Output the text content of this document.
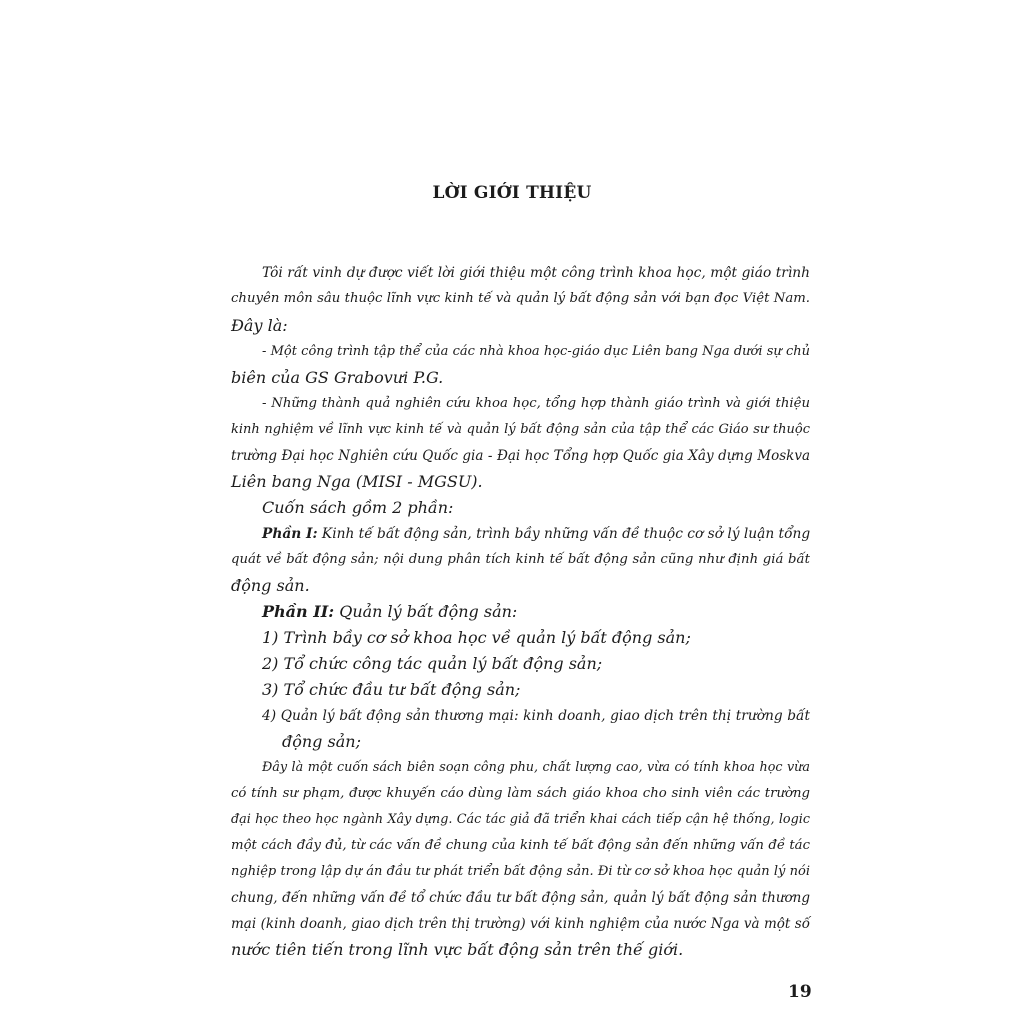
LỜI GIỚI THIỆU
Tôi rất vinh dự được viết lời giới thiệu một công trình khoa học, một giáo trình
chuyên môn sâu thuộc lĩnh vực kinh tế và quản lý bất động sản với bạn đọc Việt Nam.
Đây là:
- Một công trình tập thể của các nhà khoa học-giáo dục Liên bang Nga dưới sự chủ
biên của GS Grabovưi P.G.
- Những thành quả nghiên cứu khoa học, tổng hợp thành giáo trình và giới thiệu
kinh nghiệm về lĩnh vực kinh tế và quản lý bất động sản của tập thể các Giáo sư thuộc
trường Đại học Nghiên cứu Quốc gia - Đại học Tổng hợp Quốc gia Xây dựng Moskva
Liên bang Nga (MISI - MGSU).
Cuốn sách gồm 2 phần:
Phần I: Kinh tế bất động sản, trình bầy những vấn đề thuộc cơ sở lý luận tổng
quát về bất động sản; nội dung phân tích kinh tế bất động sản cũng như định giá bất
động sản.
Phần II: Quản lý bất động sản:
1) Trình bầy cơ sở khoa học về quản lý bất động sản;
2) Tổ chức công tác quản lý bất động sản;
3) Tổ chức đầu tư bất động sản;
4) Quản lý bất động sản thương mại: kinh doanh, giao dịch trên thị trường bất
động sản;
Đây là một cuốn sách biên soạn công phu, chất lượng cao, vừa có tính khoa học vừa
có tính sư phạm, được khuyến cáo dùng làm sách giáo khoa cho sinh viên các trường
đại học theo học ngành Xây dựng. Các tác giả đã triển khai cách tiếp cận hệ thống, logic
một cách đầy đủ, từ các vấn đề chung của kinh tế bất động sản đến những vấn đề tác
nghiệp trong lập dự án đầu tư phát triển bất động sản. Đi từ cơ sở khoa học quản lý nói
chung, đến những vấn đề tổ chức đầu tư bất động sản, quản lý bất động sản thương
mại (kinh doanh, giao dịch trên thị trường) với kinh nghiệm của nước Nga và một số
nước tiên tiến trong lĩnh vực bất động sản trên thế giới.
19
